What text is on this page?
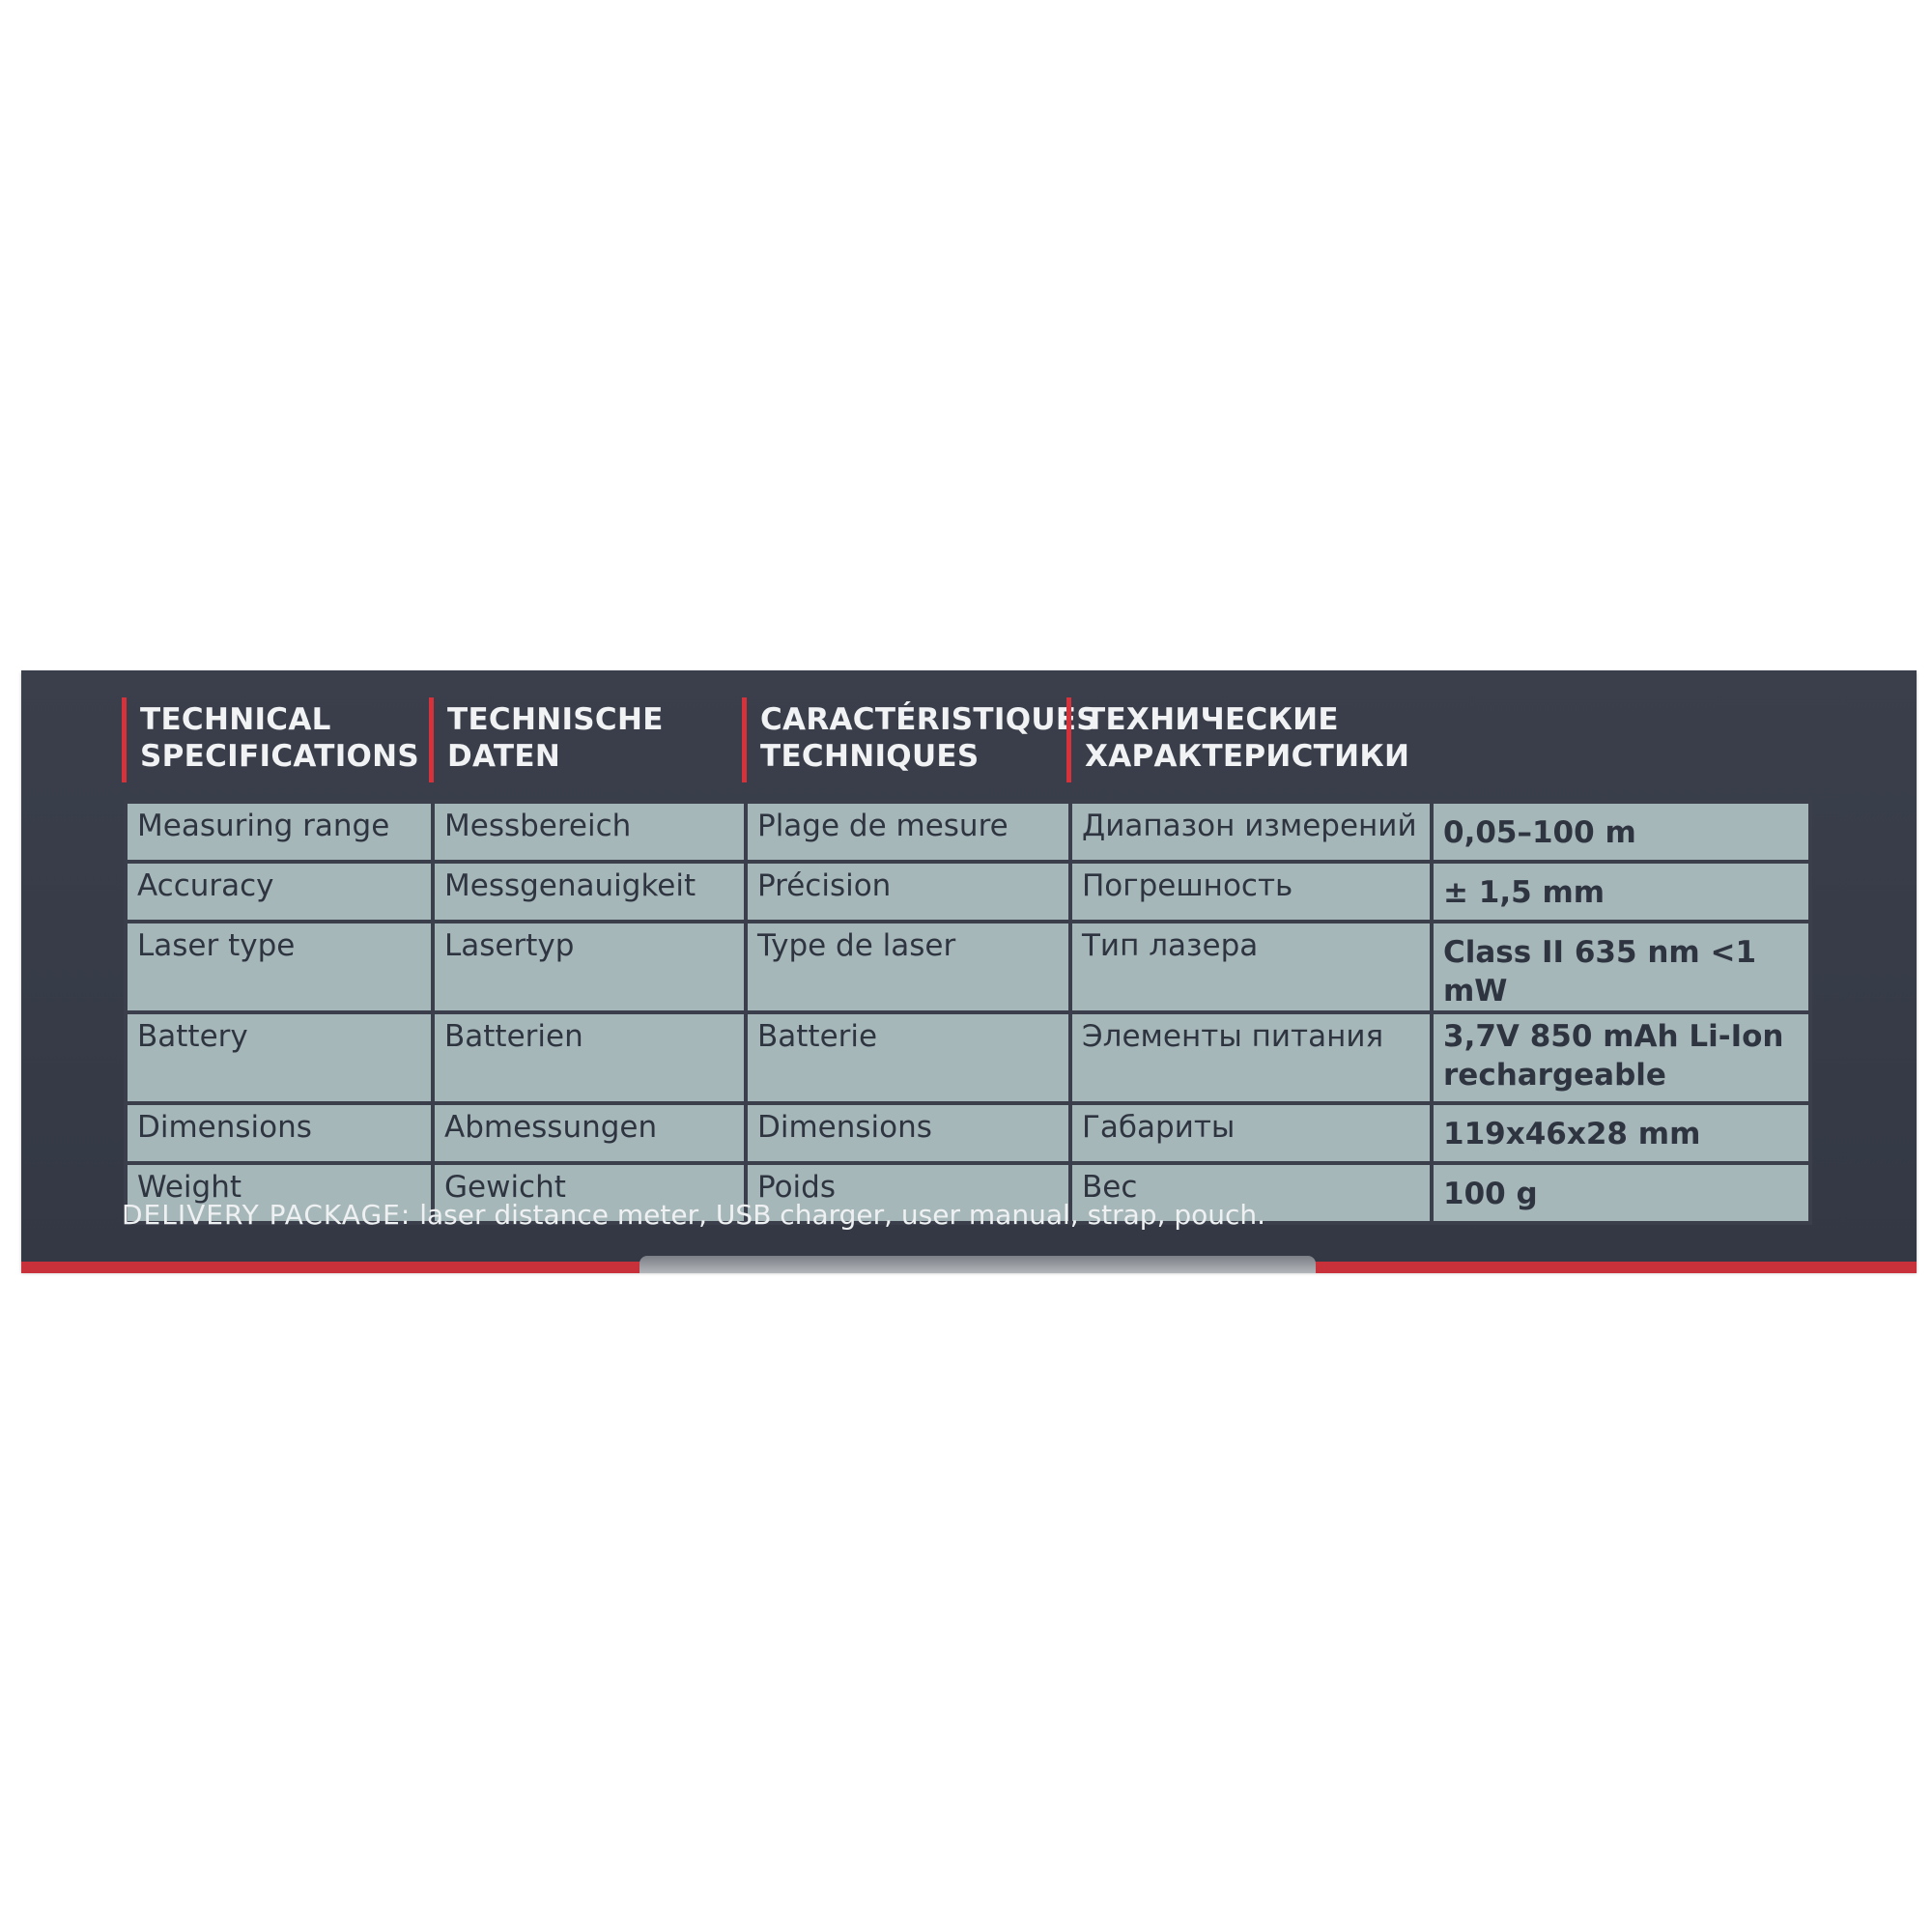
TECHNICAL
SPECIFICATIONS
TECHNISCHE
DATEN
CARACTÉRISTIQUES
TECHNIQUES
ТЕХНИЧЕСКИЕ
ХАРАКТЕРИСТИКИ
Measuring range	Messbereich	Plage de mesure	Диапазон измерений	0,05–100 m
Accuracy	Messgenauigkeit	Précision	Погрешность	± 1,5 mm
Laser type	Lasertyp	Type de laser	Тип лазера	Class II 635 nm <1 mW
Battery	Batterien	Batterie	Элементы питания	3,7V 850 mAh Li-Ion rechargeable
Dimensions	Abmessungen	Dimensions	Габариты	119x46x28 mm
Weight	Gewicht	Poids	Вес	100 g
DELIVERY PACKAGE: laser distance meter, USB charger, user manual, strap, pouch.
